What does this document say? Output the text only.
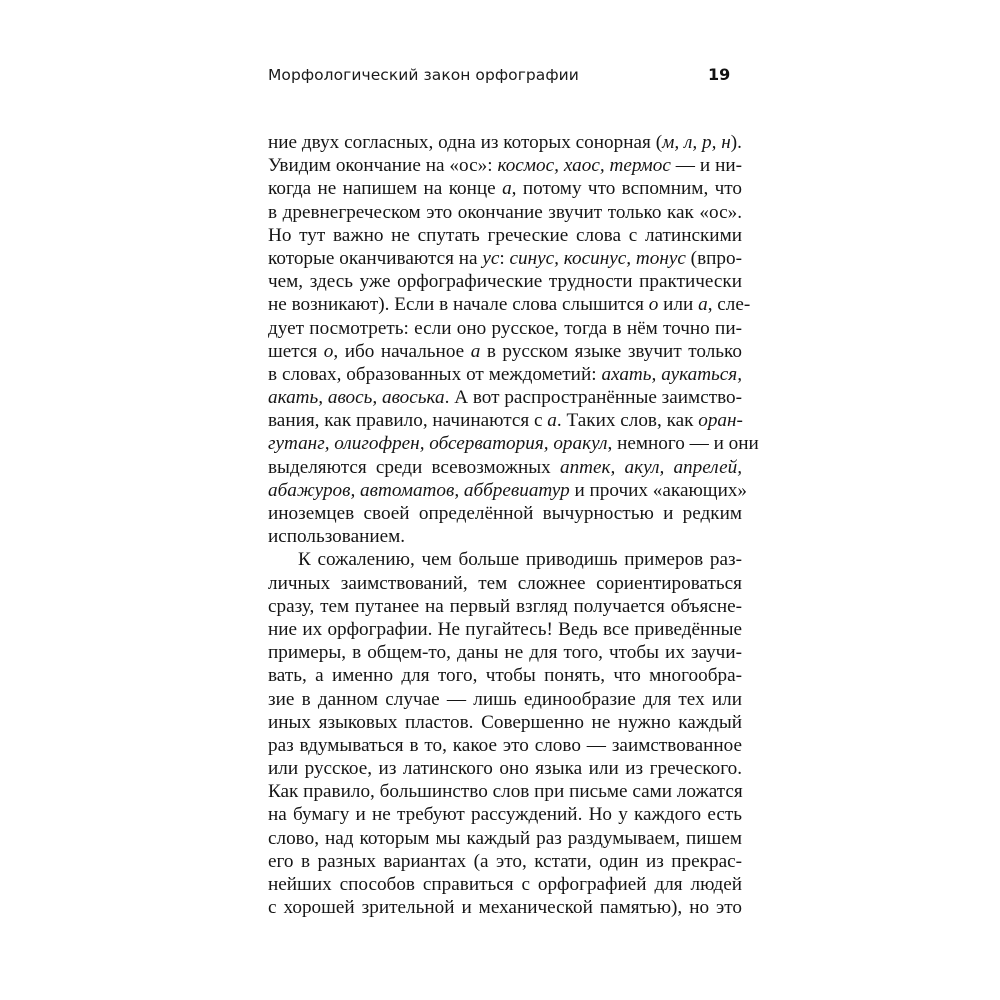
Морфологический закон орфографии	19
ние двух согласных, одна из которых сонорная (м, л, р, н).
Увидим окончание на «ос»: космос, хаос, термос — и ни-
когда не напишем на конце а, потому что вспомним, что
в древнегреческом это окончание звучит только как «ос».
Но тут важно не спутать греческие слова с латинскими
которые оканчиваются на ус: синус, косинус, тонус (впро-
чем, здесь уже орфографические трудности практически
не возникают). Если в начале слова слышится о или а, сле-
дует посмотреть: если оно русское, тогда в нём точно пи-
шется о, ибо начальное а в русском языке звучит только
в словах, образованных от междометий: ахать, аукаться,
акать, авось, авоська. А вот распространённые заимство-
вания, как правило, начинаются с а. Таких слов, как оран-
гутанг, олигофрен, обсерватория, оракул, немного — и они
выделяются среди всевозможных аптек, акул, апрелей,
абажуров, автоматов, аббревиатур и прочих «акающих»
иноземцев своей определённой вычурностью и редким
использованием.
К сожалению, чем больше приводишь примеров раз-
личных заимствований, тем сложнее сориентироваться
сразу, тем путанее на первый взгляд получается объясне-
ние их орфографии. Не пугайтесь! Ведь все приведённые
примеры, в общем-то, даны не для того, чтобы их заучи-
вать, а именно для того, чтобы понять, что многообра-
зие в данном случае — лишь единообразие для тех или
иных языковых пластов. Совершенно не нужно каждый
раз вдумываться в то, какое это слово — заимствованное
или русское, из латинского оно языка или из греческого.
Как правило, большинство слов при письме сами ложатся
на бумагу и не требуют рассуждений. Но у каждого есть
слово, над которым мы каждый раз раздумываем, пишем
его в разных вариантах (а это, кстати, один из прекрас-
нейших способов справиться с орфографией для людей
с хорошей зрительной и механической памятью), но это
